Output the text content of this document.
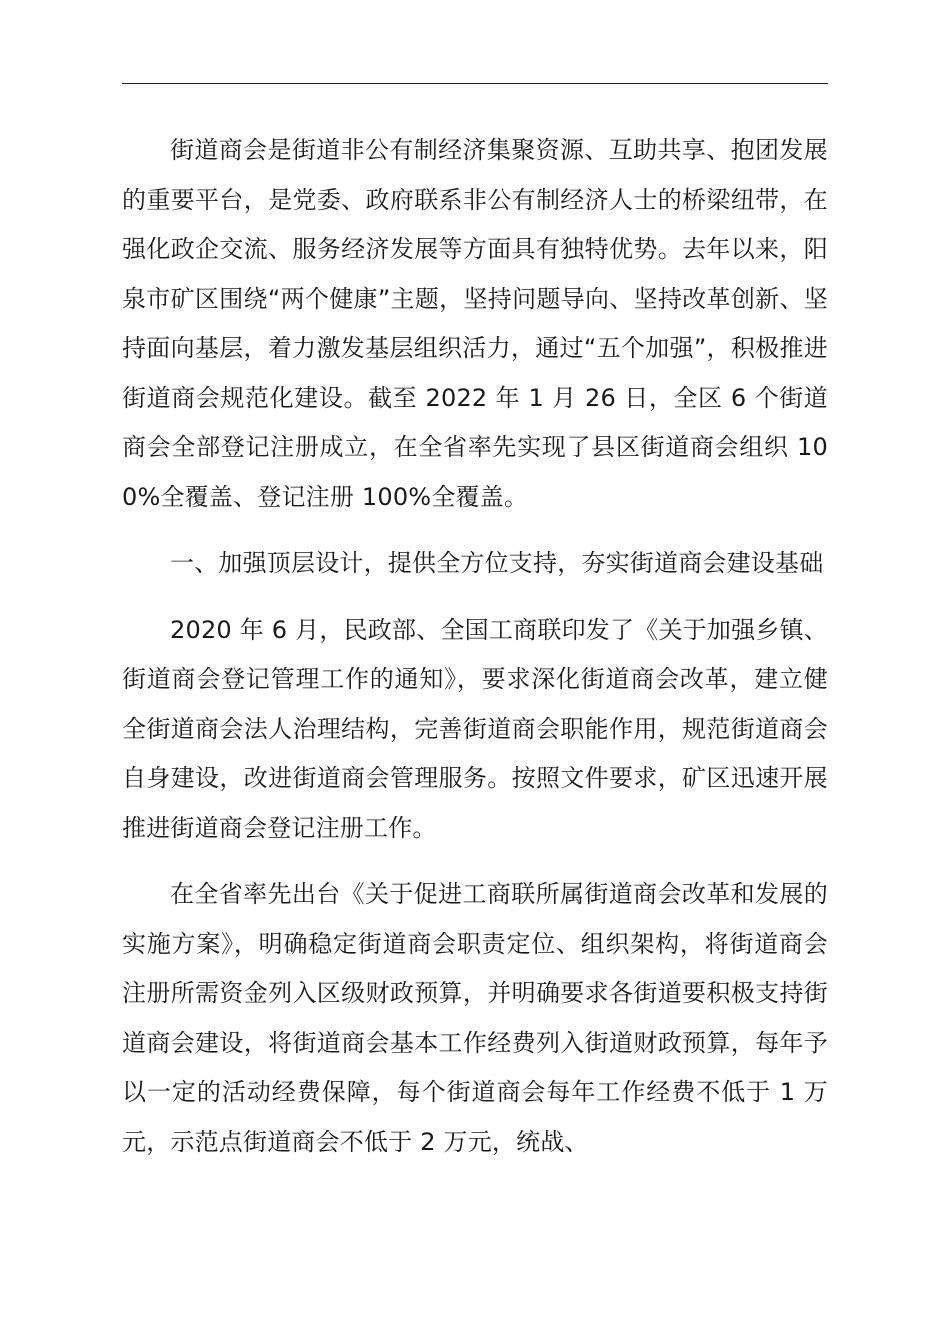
街道商会是街道非公有制经济集聚资源、互助共享、抱团发展的重要平台，是党委、政府联系非公有制经济人士的桥梁纽带，在强化政企交流、服务经济发展等方面具有独特优势。去年以来，阳泉市矿区围绕“两个健康”主题，坚持问题导向、坚持改革创新、坚持面向基层，着力激发基层组织活力，通过“五个加强”，积极推进街道商会规范化建设。截至 2022 年 1 月 26 日，全区 6 个街道商会全部登记注册成立，在全省率先实现了县区街道商会组织 100%全覆盖、登记注册 100%全覆盖。

一、加强顶层设计，提供全方位支持，夯实街道商会建设基础

2020 年 6 月，民政部、全国工商联印发了《关于加强乡镇、街道商会登记管理工作的通知》，要求深化街道商会改革，建立健全街道商会法人治理结构，完善街道商会职能作用，规范街道商会自身建设，改进街道商会管理服务。按照文件要求，矿区迅速开展推进街道商会登记注册工作。

在全省率先出台《关于促进工商联所属街道商会改革和发展的实施方案》，明确稳定街道商会职责定位、组织架构，将街道商会注册所需资金列入区级财政预算，并明确要求各街道要积极支持街道商会建设，将街道商会基本工作经费列入街道财政预算，每年予以一定的活动经费保障，每个街道商会每年工作经费不低于 1 万元，示范点街道商会不低于 2 万元，统战、
